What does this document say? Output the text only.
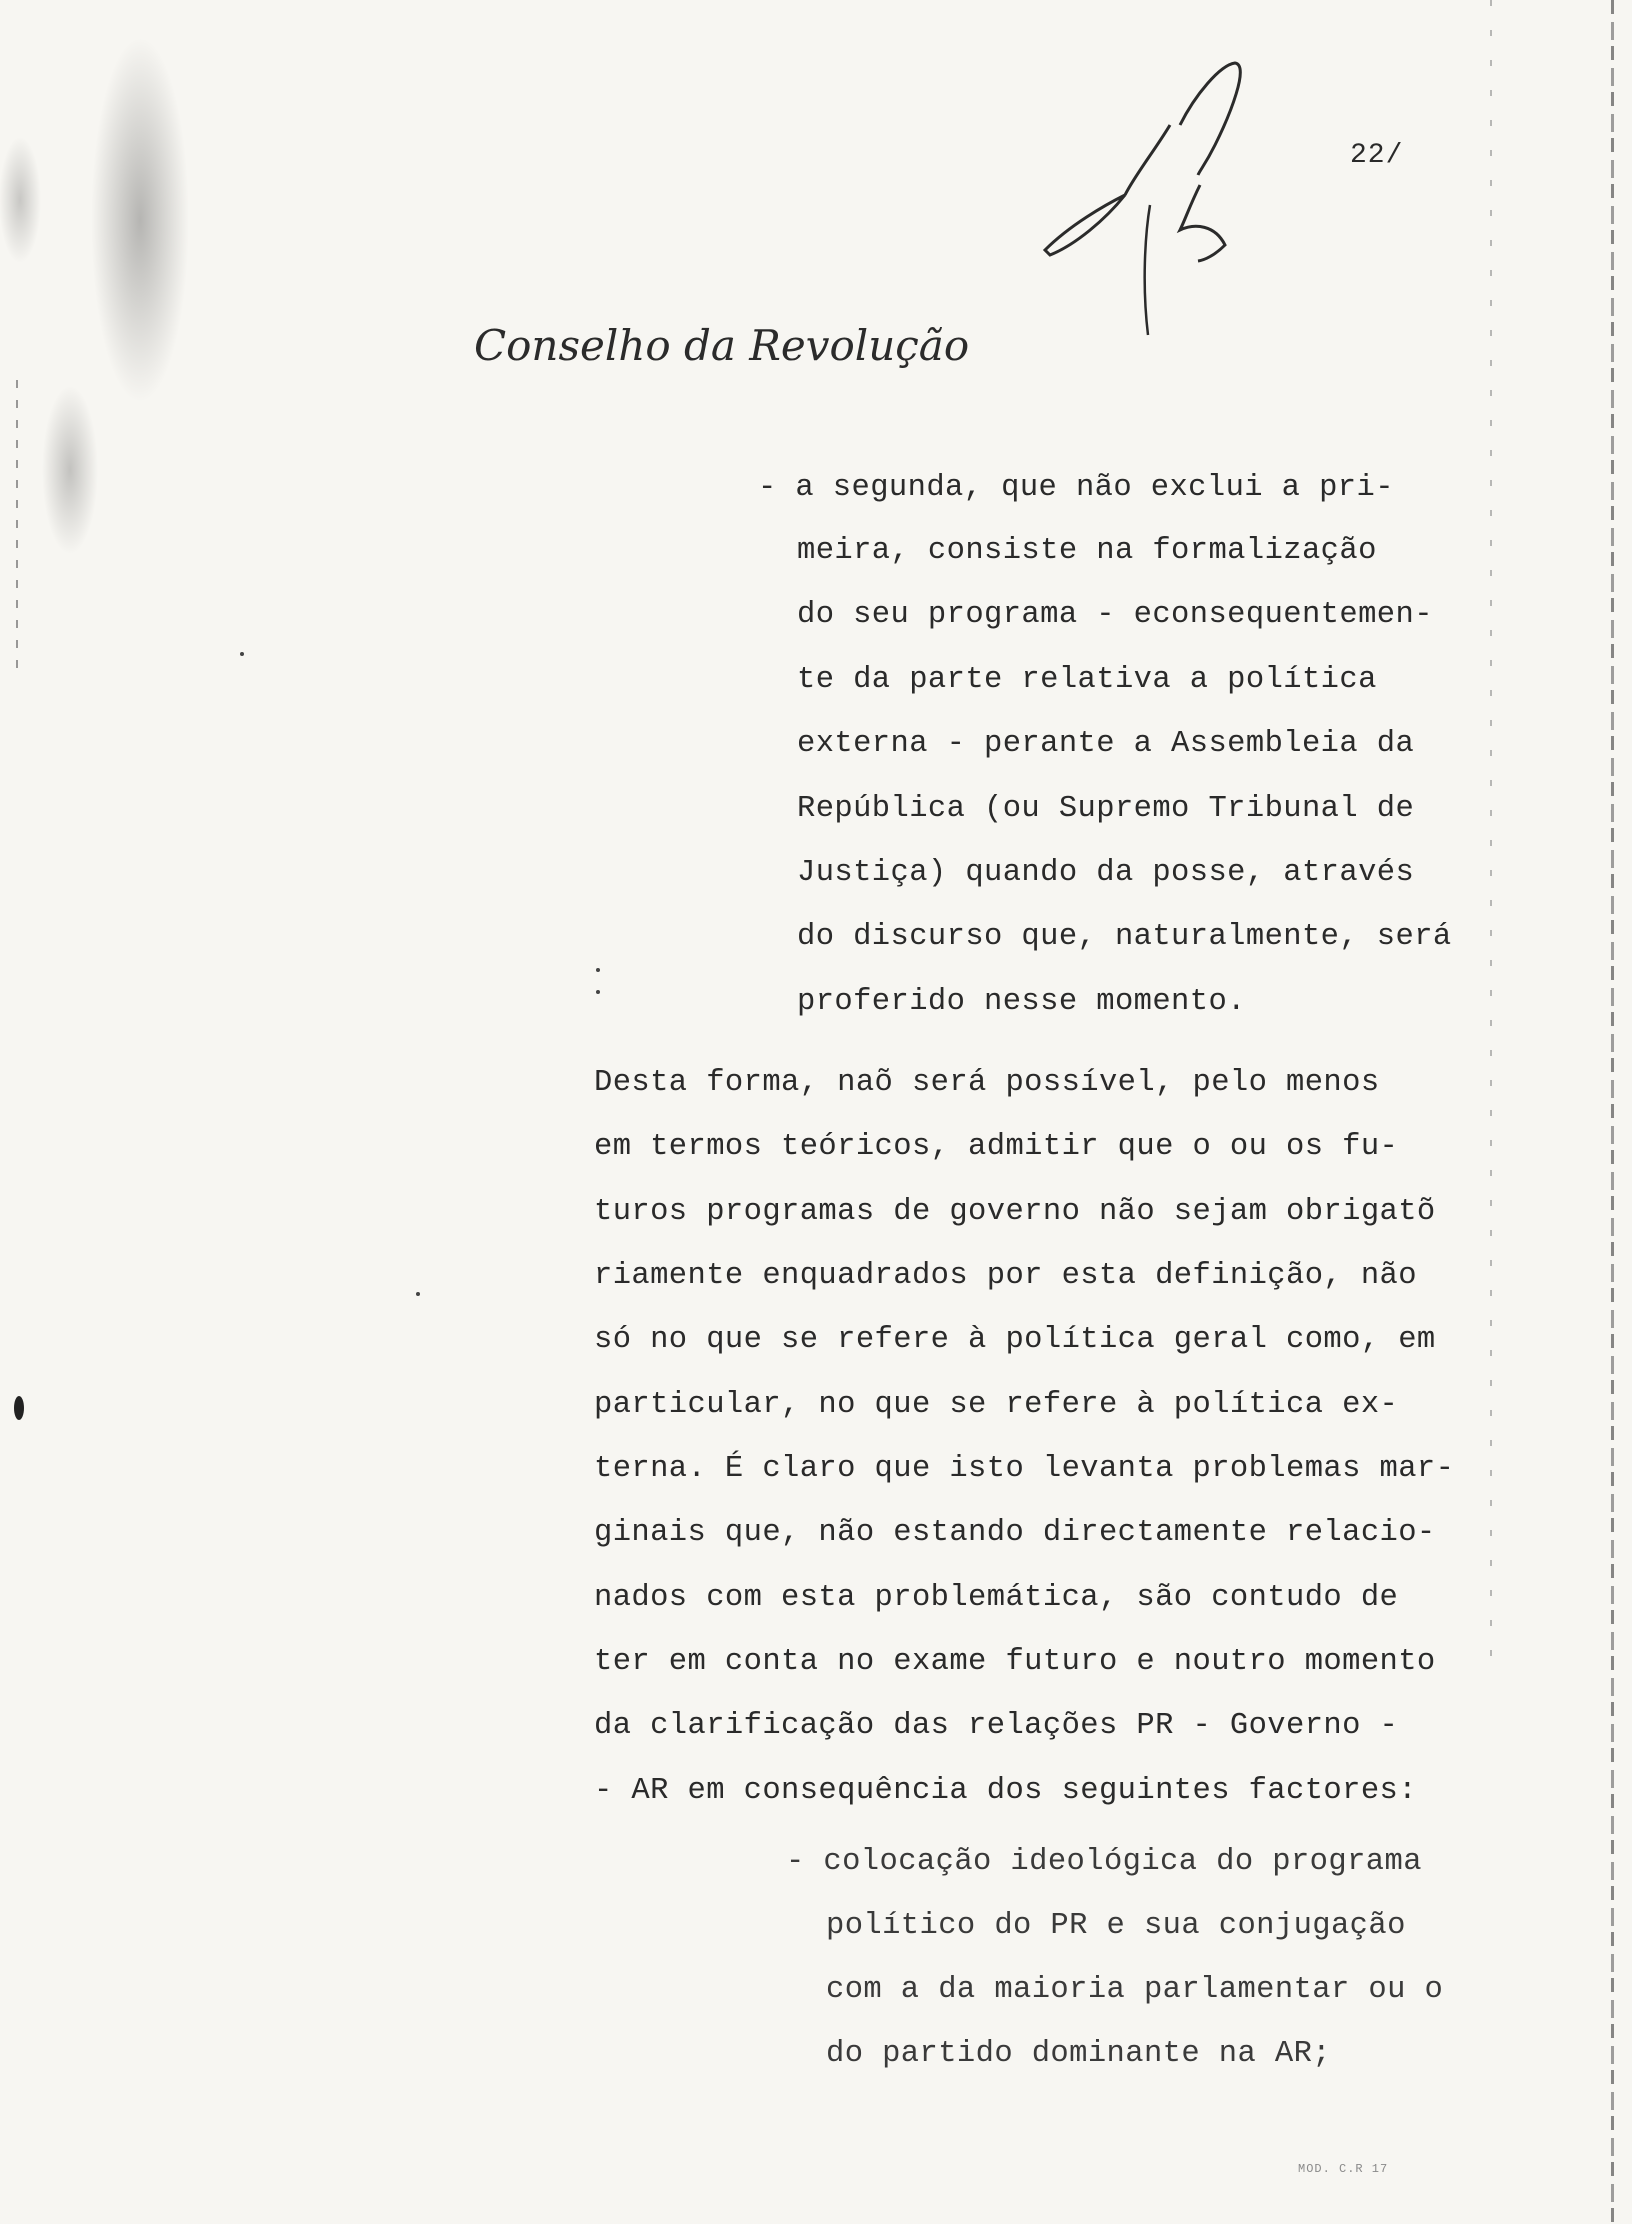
22/
Conselho da Revolução
- a segunda, que não exclui a pri-
meira, consiste na formalização
do seu programa - econsequentemen-
te da parte relativa a política
externa - perante a Assembleia da
República (ou Supremo Tribunal de
Justiça) quando da posse, através
do discurso que, naturalmente, será
proferido nesse momento.
Desta forma, naõ será possível, pelo menos
em termos teóricos, admitir que o ou os fu-
turos programas de governo não sejam obrigatõ
riamente enquadrados por esta definição, não
só no que se refere à política geral como, em
particular, no que se refere à política ex-
terna. É claro que isto levanta problemas mar-
ginais que, não estando directamente relacio-
nados com esta problemática, são contudo de
ter em conta no exame futuro e noutro momento
da clarificação das relações PR - Governo -
- AR em consequência dos seguintes factores:
- colocação ideológica do programa
político do PR e sua conjugação
com a da maioria parlamentar ou o
do partido dominante na AR;
MOD. C.R 17
